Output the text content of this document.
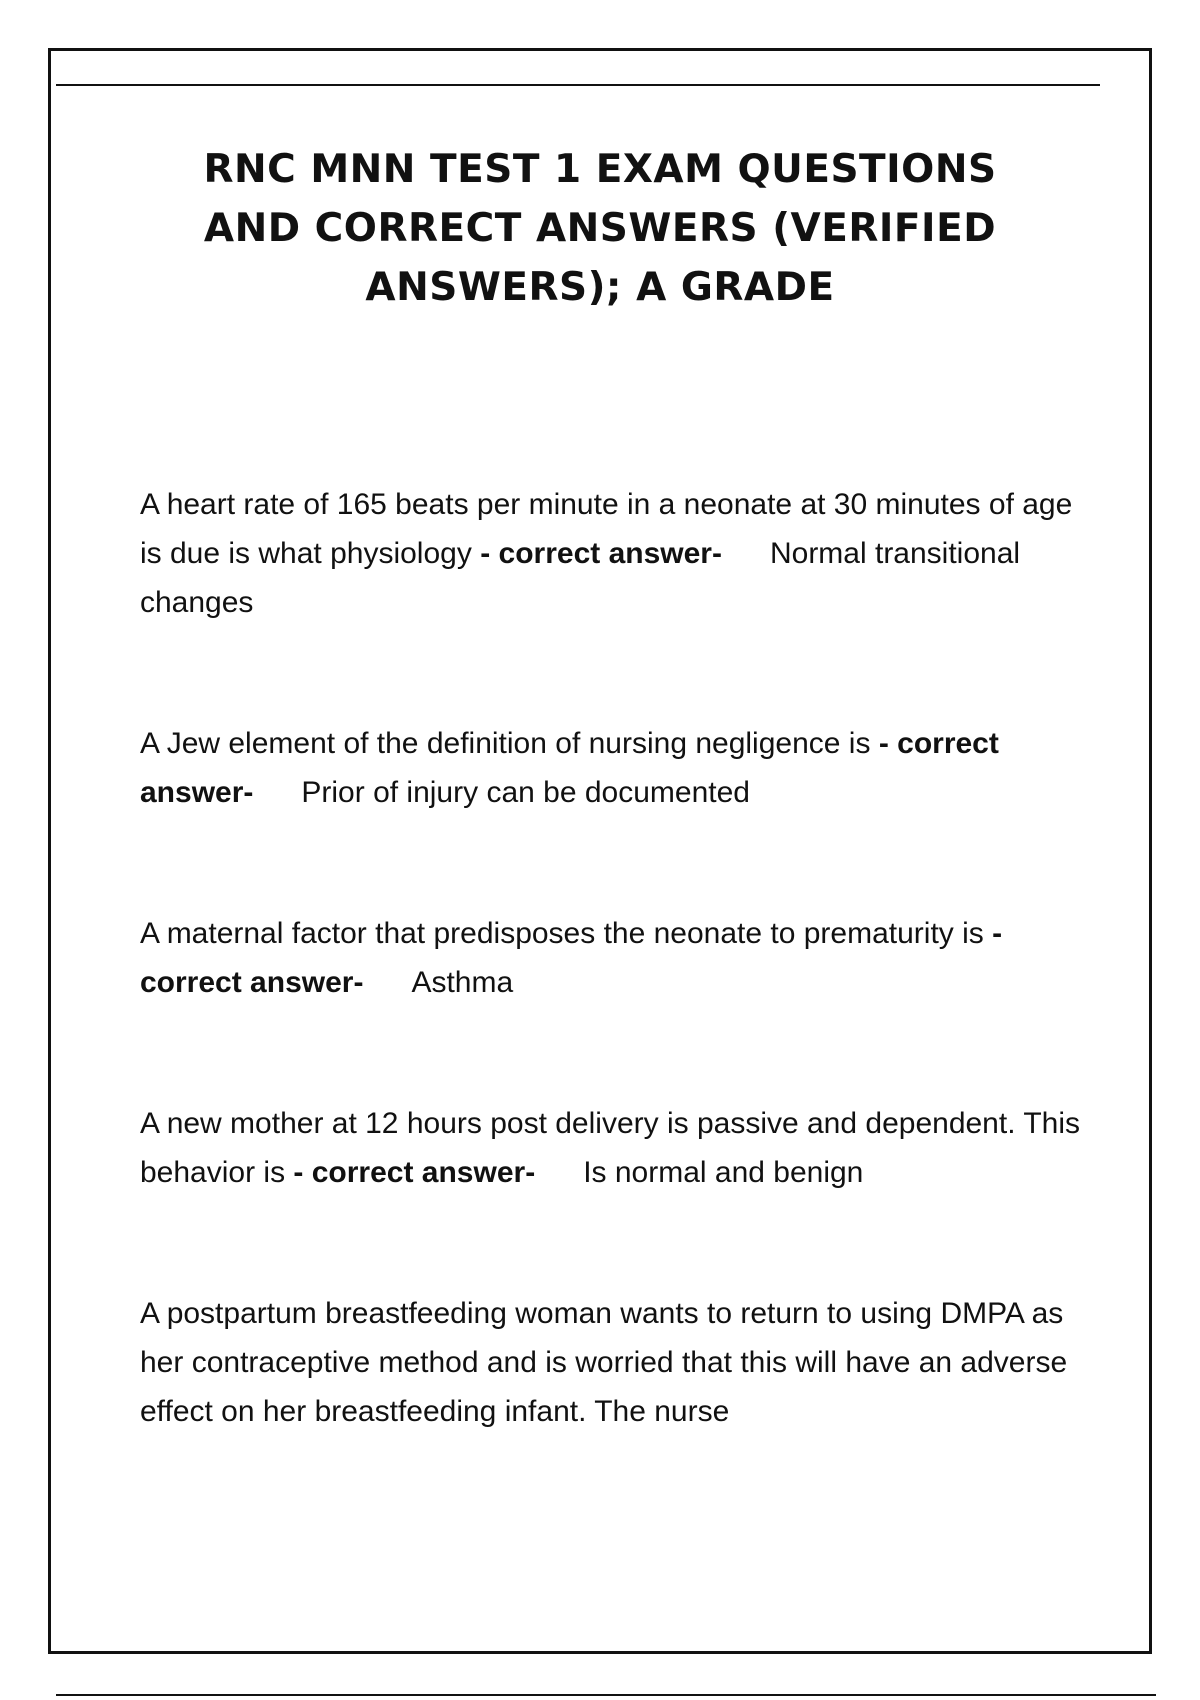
RNC MNN TEST 1 EXAM QUESTIONS AND CORRECT ANSWERS (VERIFIED ANSWERS); A GRADE

A heart rate of 165 beats per minute in a neonate at 30 minutes of age is due is what physiology - correct answer- Normal transitional changes

A Jew element of the definition of nursing negligence is - correct answer- Prior of injury can be documented

A maternal factor that predisposes the neonate to prematurity is - correct answer- Asthma

A new mother at 12 hours post delivery is passive and dependent. This behavior is - correct answer- Is normal and benign

A postpartum breastfeeding woman wants to return to using DMPA as her contraceptive method and is worried that this will have an adverse effect on her breastfeeding infant. The nurse
